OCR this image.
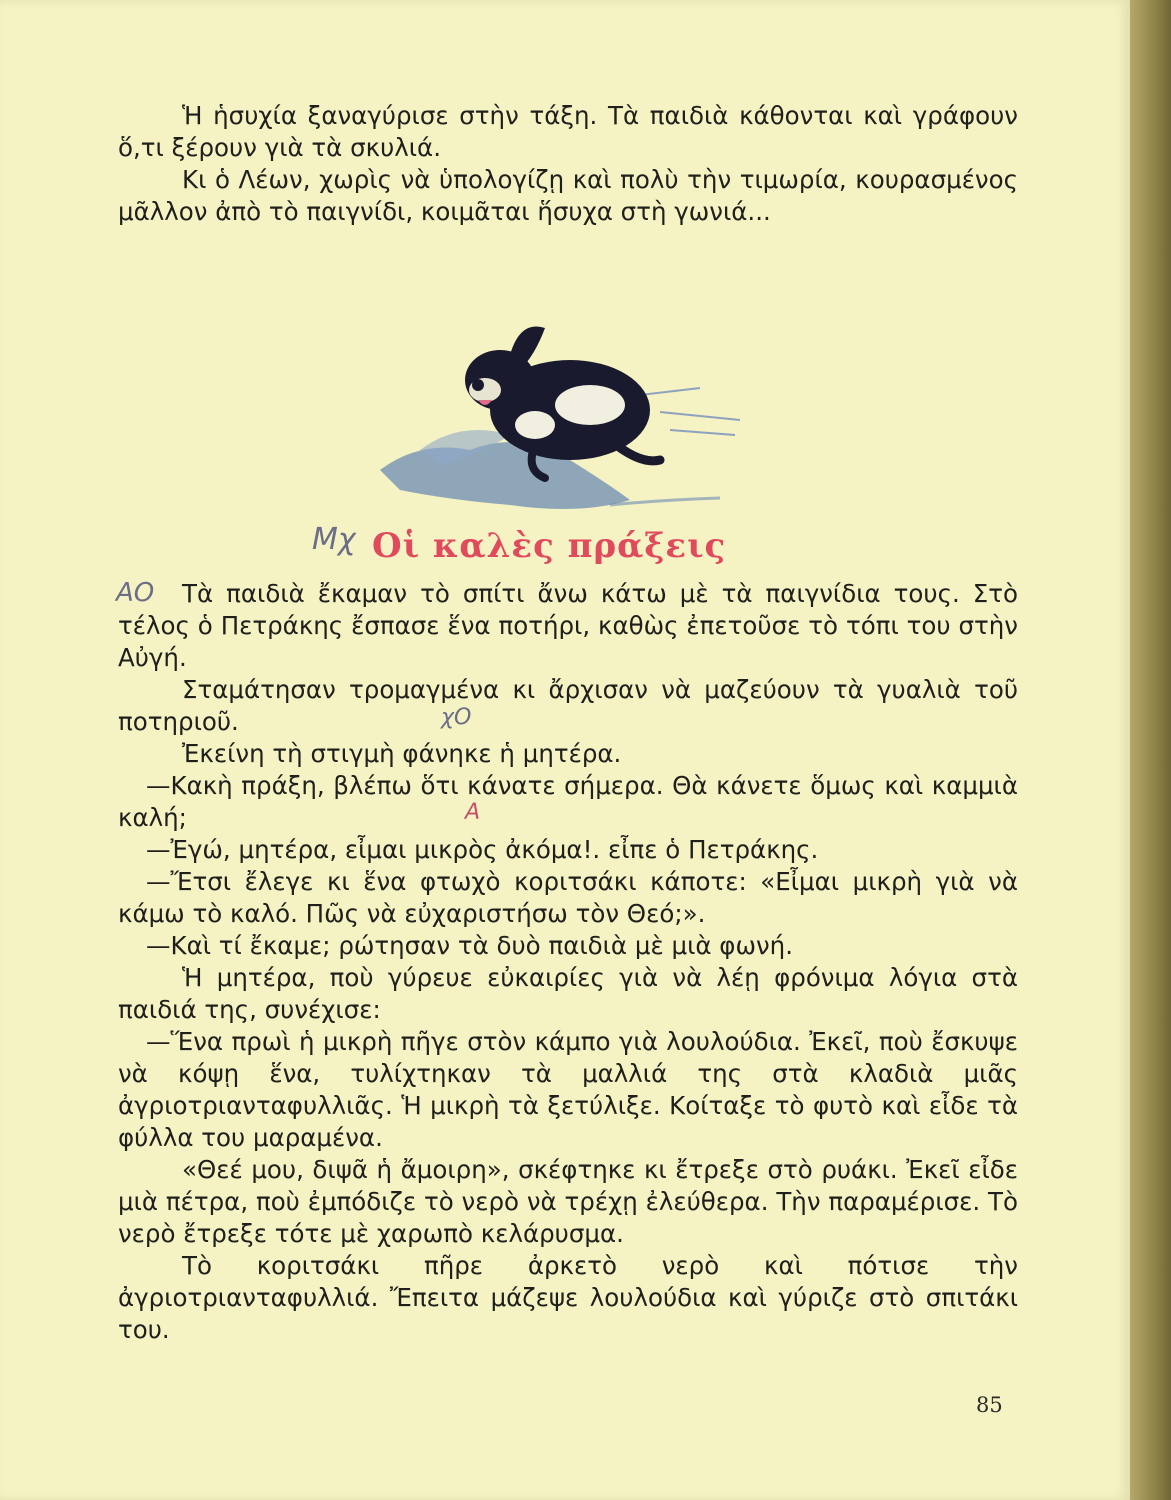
Ἡ ἡσυχία ξαναγύρισε στὴν τάξη. Τὰ παιδιὰ κάθονται καὶ γράφουν ὅ,τι ξέρουν γιὰ τὰ σκυλιά.

Κι ὁ Λέων, χωρὶς νὰ ὑπολογίζῃ καὶ πολὺ τὴν τιμωρία, κουρασμένος μᾶλλον ἀπὸ τὸ παιγνίδι, κοιμᾶται ἥσυχα στὴ γωνιά...

Μχ Οἱ καλὲς πράξεις
ΑΟ
χΟ
Α

Τὰ παιδιὰ ἔκαμαν τὸ σπίτι ἄνω κάτω μὲ τὰ παιγνίδια τους. Στὸ τέλος ὁ Πετράκης ἔσπασε ἕνα ποτήρι, καθὼς ἐπετοῦσε τὸ τόπι του στὴν Αὐγή.

Σταμάτησαν τρομαγμένα κι ἄρχισαν νὰ μαζεύουν τὰ γυαλιὰ τοῦ ποτηριοῦ.

Ἐκείνη τὴ στιγμὴ φάνηκε ἡ μητέρα.

—Κακὴ πράξη, βλέπω ὅτι κάνατε σήμερα. Θὰ κάνετε ὅμως καὶ καμμιὰ καλή;

—Ἐγώ, μητέρα, εἶμαι μικρὸς ἀκόμα!. εἶπε ὁ Πετράκης.

—Ἔτσι ἔλεγε κι ἕνα φτωχὸ κοριτσάκι κάποτε: «Εἶμαι μικρὴ γιὰ νὰ κάμω τὸ καλό. Πῶς νὰ εὐχαριστήσω τὸν Θεό;».

—Καὶ τί ἔκαμε; ρώτησαν τὰ δυὸ παιδιὰ μὲ μιὰ φωνή.

Ἡ μητέρα, ποὺ γύρευε εὐκαιρίες γιὰ νὰ λέῃ φρόνιμα λόγια στὰ παιδιά της, συνέχισε:

—Ἕνα πρωὶ ἡ μικρὴ πῆγε στὸν κάμπο γιὰ λουλούδια. Ἐκεῖ, ποὺ ἔσκυψε νὰ κόψῃ ἕνα, τυλίχτηκαν τὰ μαλλιά της στὰ κλαδιὰ μιᾶς ἀγριοτριανταφυλλιᾶς. Ἡ μικρὴ τὰ ξετύλιξε. Κοίταξε τὸ φυτὸ καὶ εἶδε τὰ φύλλα του μαραμένα.

«Θεέ μου, διψᾶ ἡ ἄμοιρη», σκέφτηκε κι ἔτρεξε στὸ ρυάκι. Ἐκεῖ εἶδε μιὰ πέτρα, ποὺ ἐμπόδιζε τὸ νερὸ νὰ τρέχῃ ἐλεύθερα. Τὴν παραμέρισε. Τὸ νερὸ ἔτρεξε τότε μὲ χαρωπὸ κελάρυσμα.

Τὸ κοριτσάκι πῆρε ἀρκετὸ νερὸ καὶ πότισε τὴν ἀγριοτριανταφυλλιά. Ἔπειτα μάζεψε λουλούδια καὶ γύριζε στὸ σπιτάκι του.

85
